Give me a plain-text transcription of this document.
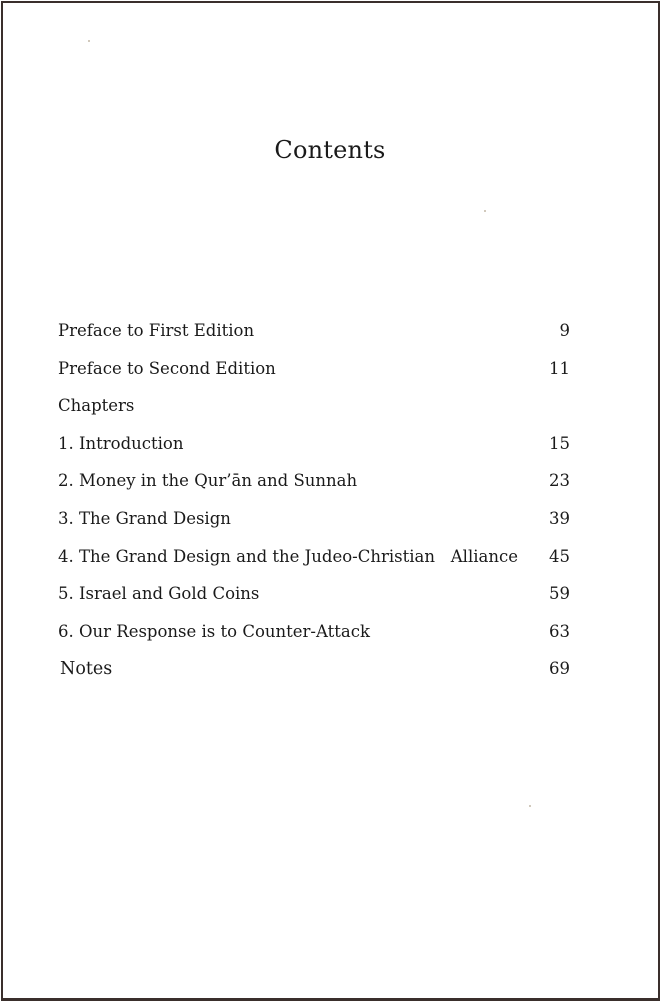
Contents
Preface to First Edition	9
Preface to Second Edition	11
Chapters
1. Introduction	15
2. Money in the Qur’ān and Sunnah	23
3. The Grand Design	39
4. The Grand Design and the Judeo-Christian   Alliance	45
5. Israel and Gold Coins	59
6. Our Response is to Counter-Attack	63
Notes	69
